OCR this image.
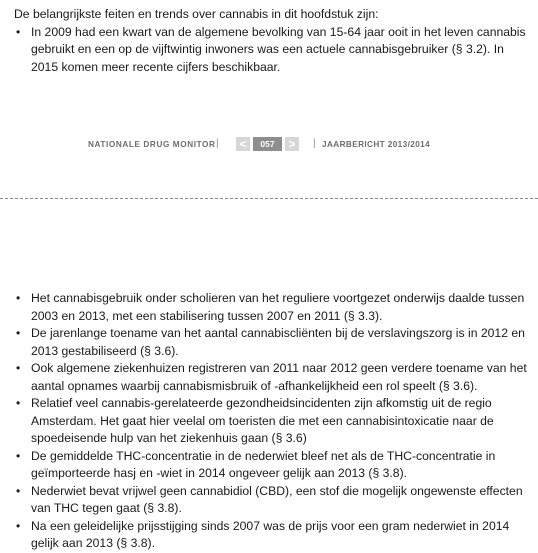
De belangrijkste feiten en trends over cannabis in dit hoofdstuk zijn:

• In 2009 had een kwart van de algemene bevolking van 15-64 jaar ooit in het leven cannabis gebruikt en een op de vijftwintig inwoners was een actuele cannabisgebruiker (§ 3.2). In 2015 komen meer recente cijfers beschikbaar.
NATIONALE DRUG MONITOR | <	057	>	| JAARBERICHT 2013/2014
• Het cannabisgebruik onder scholieren van het reguliere voortgezet onderwijs daalde tussen 2003 en 2013, met een stabilisering tussen 2007 en 2011 (§ 3.3).
• De jarenlange toename van het aantal cannabiscliënten bij de verslavingszorg is in 2012 en 2013 gestabiliseerd (§ 3.6).
• Ook algemene ziekenhuizen registreren van 2011 naar 2012 geen verdere toename van het aantal opnames waarbij cannabismisbruik of -afhankelijkheid een rol speelt (§ 3.6).
• Relatief veel cannabis-gerelateerde gezondheidsincidenten zijn afkomstig uit de regio Amsterdam. Het gaat hier veelal om toeristen die met een cannabisintoxicatie naar de spoedeisende hulp van het ziekenhuis gaan (§ 3.6)
• De gemiddelde THC-concentratie in de nederwiet bleef net als de THC-concentratie in geïmporteerde hasj en -wiet in 2014 ongeveer gelijk aan 2013 (§ 3.8).
• Nederwiet bevat vrijwel geen cannabidiol (CBD), een stof die mogelijk ongewenste effecten van THC tegen gaat (§ 3.8).
• Na een geleidelijke prijsstijging sinds 2007 was de prijs voor een gram nederwiet in 2014 gelijk aan 2013 (§ 3.8).
